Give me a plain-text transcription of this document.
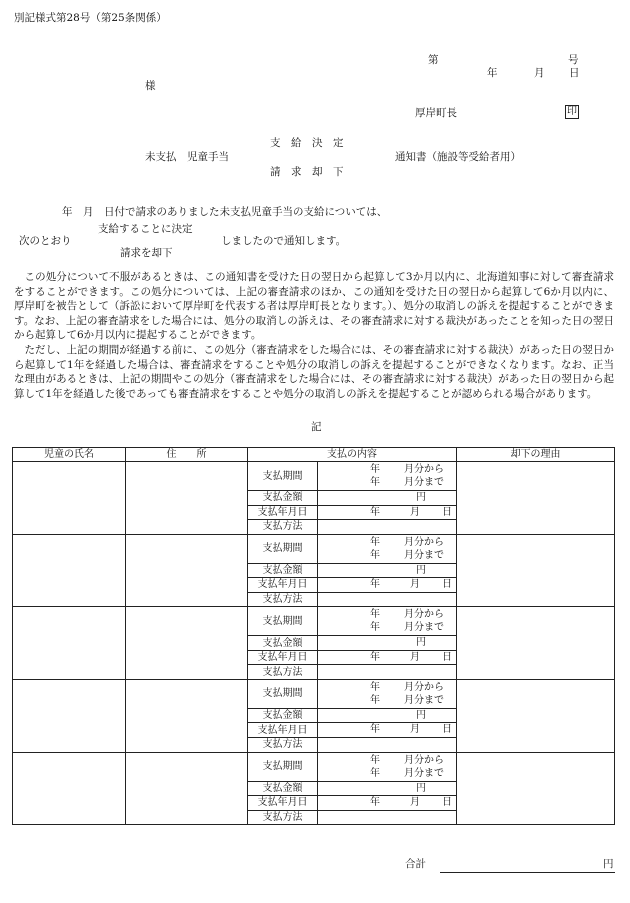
別記様式第28号（第25条関係）
第	号
年	月 日
様
厚岸町長	印
支　給　決　定
未支払　児童手当	通知書（施設等受給者用）
請　求　却　下
年　月　日付で請求のありました未支払児童手当の支給については、
支給することに決定
次のとおり	しましたので通知します。
請求を却下

この処分について不服があるときは、この通知書を受けた日の翌日から起算して3か月以内に、北海道知事に対して審査請求をすることができます。この処分については、上記の審査請求のほか、この通知を受けた日の翌日から起算して6か月以内に、厚岸町を被告として（訴訟において厚岸町を代表する者は厚岸町長となります。）、処分の取消しの訴えを提起することができます。なお、上記の審査請求をした場合には、処分の取消しの訴えは、その審査請求に対する裁決があったことを知った日の翌日から起算して6か月以内に提起することができます。

ただし、上記の期間が経過する前に、この処分（審査請求をした場合には、その審査請求に対する裁決）があった日の翌日から起算して1年を経過した場合は、審査請求をすることや処分の取消しの訴えを提起することができなくなります。なお、正当な理由があるときは、上記の期間やこの処分（審査請求をした場合には、その審査請求に対する裁決）があった日の翌日から起算して1年を経過した後であっても審査請求をすることや処分の取消しの訴えを提起することが認められる場合があります。

記
児童の氏名	住　　所	支払の内容		却下の理由
		支払期間	年 月分から
年 月分まで	

		支払金額	円	

		支払年月日	年 月 日	

		支払方法		
		支払期間	年 月分から
年 月分まで	

		支払金額	円	

		支払年月日	年 月 日	

		支払方法		
		支払期間	年 月分から
年 月分まで	

		支払金額	円	

		支払年月日	年 月 日	

		支払方法		
		支払期間	年 月分から
年 月分まで	

		支払金額	円	

		支払年月日	年 月 日	

		支払方法		
		支払期間	年 月分から
年 月分まで	

		支払金額	円	

		支払年月日	年 月 日	

		支払方法		
合計	円
